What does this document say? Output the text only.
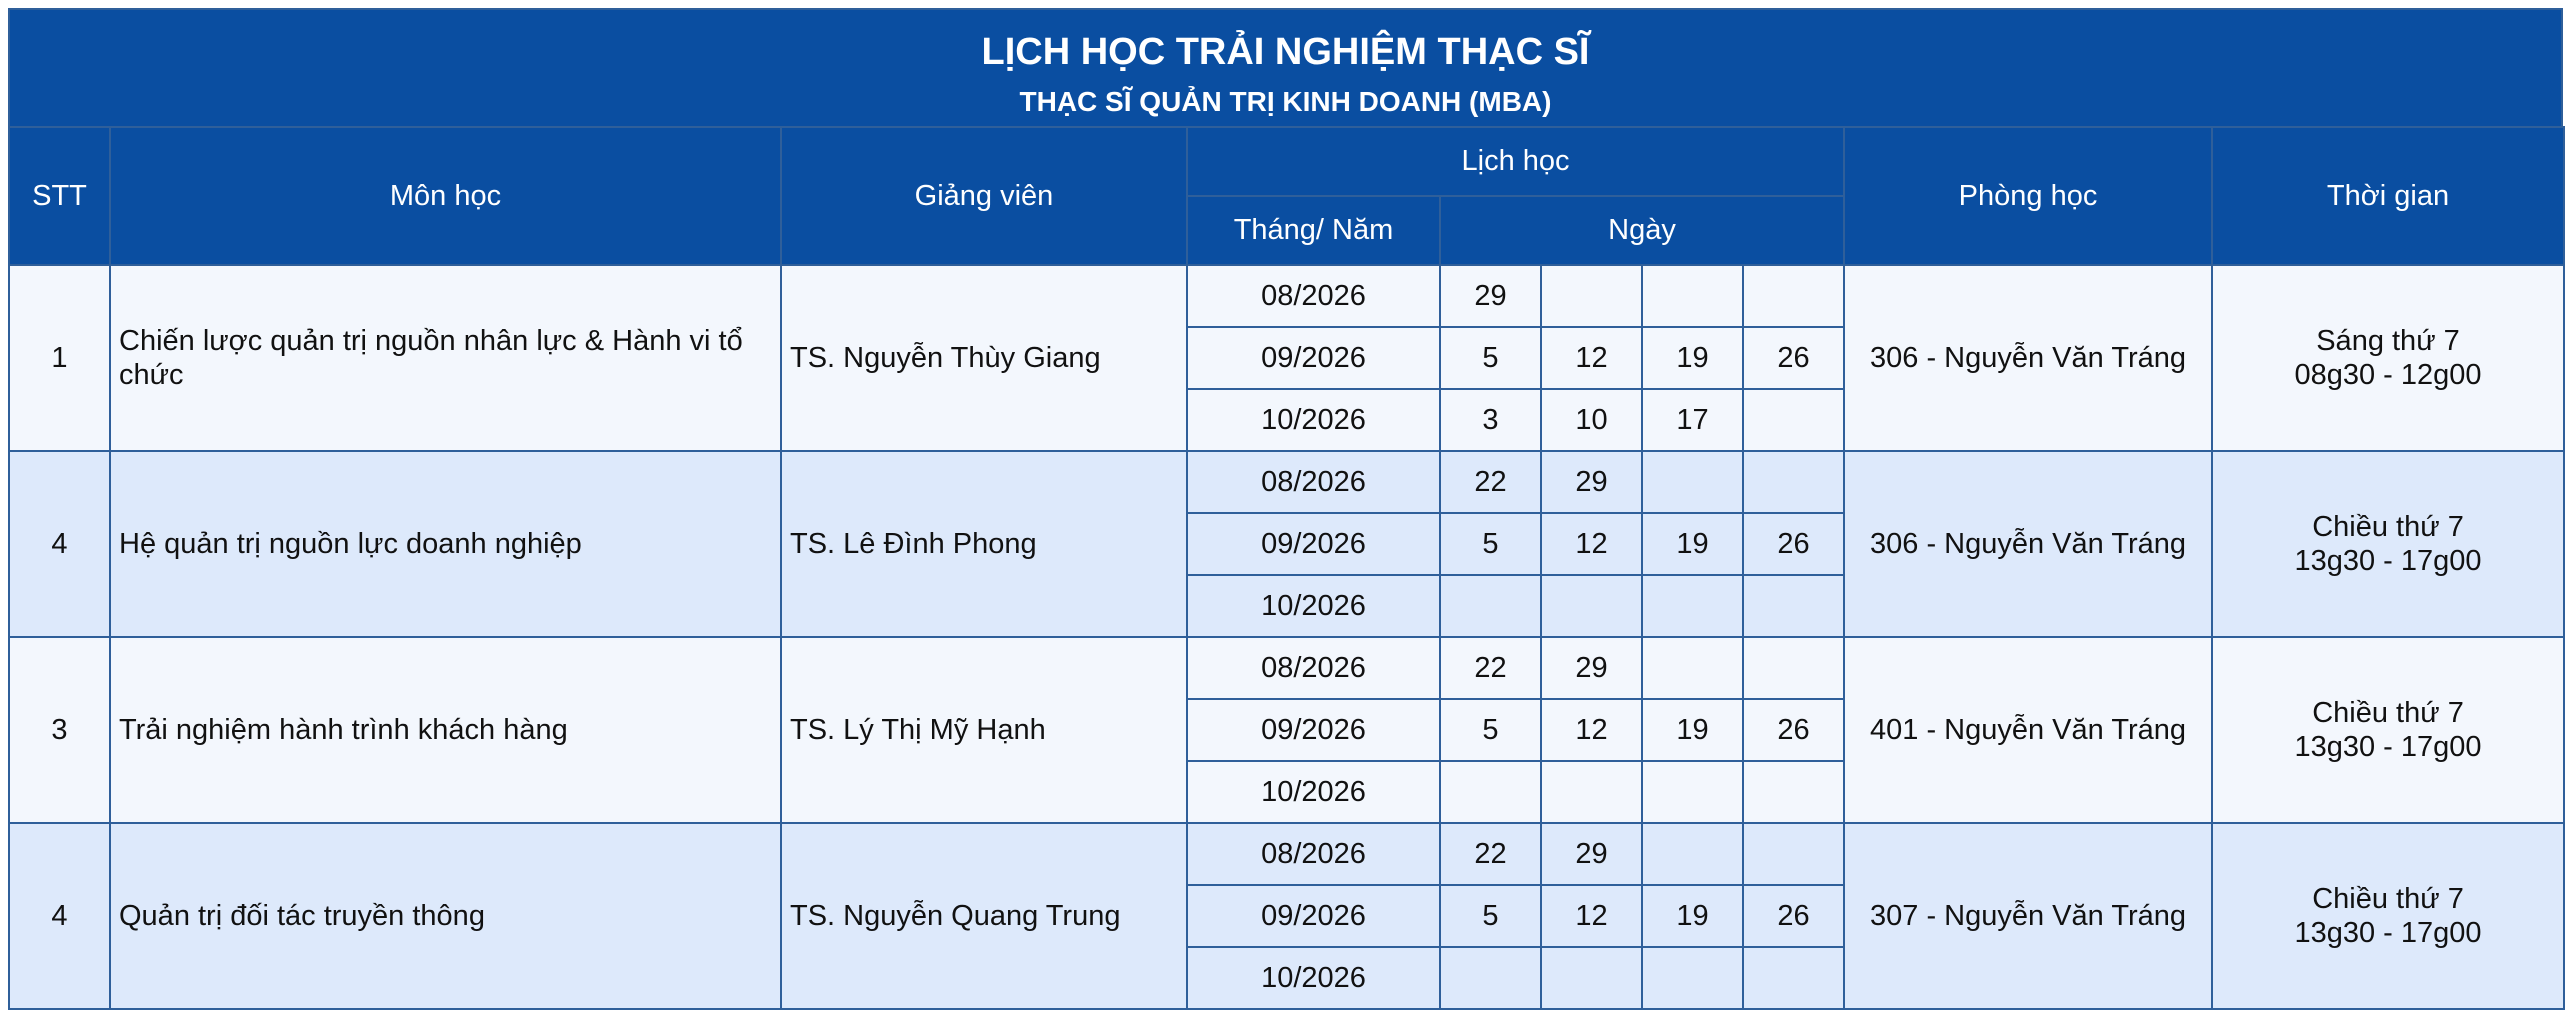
LỊCH HỌC TRẢI NGHIỆM THẠC SĨ
THẠC SĨ QUẢN TRỊ KINH DOANH (MBA)
STT	Môn học	Giảng viên	Lịch học					Phòng học	Thời gian
			Tháng/ Năm	Ngày					
1	Chiến lược quản trị nguồn nhân lực & Hành vi tổ chức	TS. Nguyễn Thùy Giang	08/2026	29				306 - Nguyễn Văn Tráng	Sáng thứ 7
08g30 - 12g00

			09/2026	5	12	19	26		
			10/2026	3	10	17			
4	Hệ quản trị nguồn lực doanh nghiệp	TS. Lê Đình Phong	08/2026	22	29			306 - Nguyễn Văn Tráng	Chiều thứ 7
13g30 - 17g00

			09/2026	5	12	19	26		
			10/2026						
3	Trải nghiệm hành trình khách hàng	TS. Lý Thị Mỹ Hạnh	08/2026	22	29			401 - Nguyễn Văn Tráng	Chiều thứ 7
13g30 - 17g00

			09/2026	5	12	19	26		
			10/2026						
4	Quản trị đối tác truyền thông	TS. Nguyễn Quang Trung	08/2026	22	29			307 - Nguyễn Văn Tráng	Chiều thứ 7
13g30 - 17g00

			09/2026	5	12	19	26		
			10/2026						
